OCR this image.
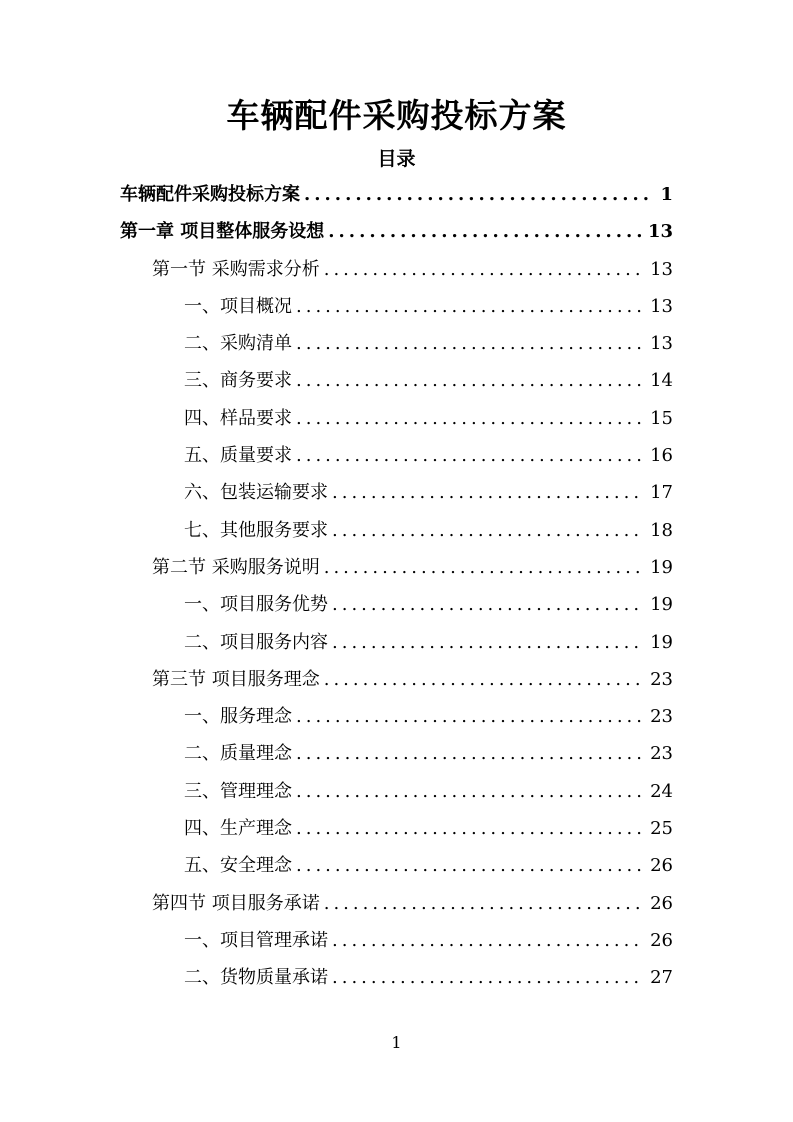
车辆配件采购投标方案
目录
车辆配件采购投标方案 .....	1
第一章 项目整体服务设想 .....	13
第一节 采购需求分析 .....	13
一、项目概况 .....	13
二、采购清单 .....	13
三、商务要求 .....	14
四、样品要求 .....	15
五、质量要求 .....	16
六、包装运输要求 .....	17
七、其他服务要求 .....	18
第二节 采购服务说明 .....	19
一、项目服务优势 .....	19
二、项目服务内容 .....	19
第三节 项目服务理念 .....	23
一、服务理念 .....	23
二、质量理念 .....	23
三、管理理念 .....	24
四、生产理念 .....	25
五、安全理念 .....	26
第四节 项目服务承诺 .....	26
一、项目管理承诺 .....	26
二、货物质量承诺 .....	27
1
